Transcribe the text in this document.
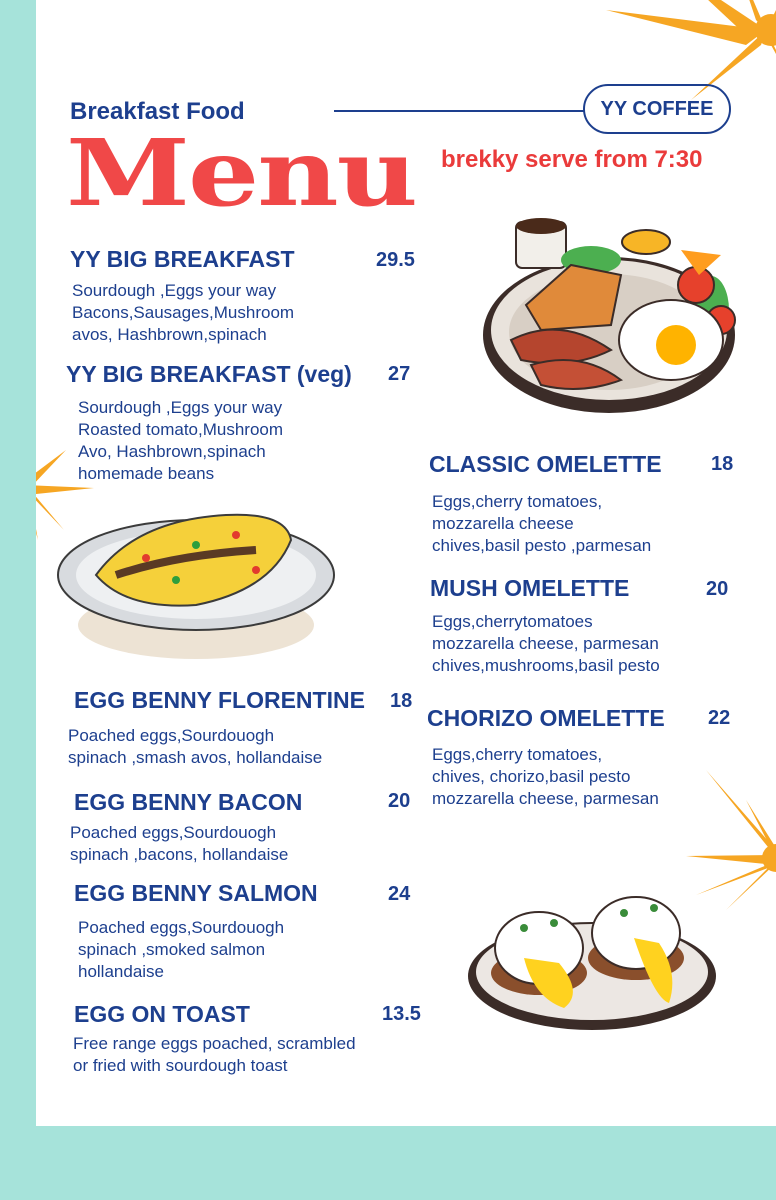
Breakfast Food
Menu
YY COFFEE
brekky serve from 7:30
YY BIG BREAKFAST	29.5
Sourdough ,Eggs your way
Bacons,Sausages,Mushroom
avos, Hashbrown,spinach
YY BIG BREAKFAST (veg) 27
Sourdough ,Eggs your way
Roasted tomato,Mushroom
Avo, Hashbrown,spinach
homemade beans
EGG BENNY FLORENTINE 18
Poached eggs,Sourdouogh
spinach ,smash avos, hollandaise
EGG BENNY BACON	20
Poached eggs,Sourdouogh
spinach ,bacons, hollandaise
EGG BENNY SALMON	24
Poached eggs,Sourdouogh
spinach ,smoked salmon
hollandaise
EGG ON TOAST	13.5
Free range eggs poached, scrambled
or fried with sourdough toast
CLASSIC OMELETTE 18
Eggs,cherry tomatoes,
mozzarella cheese
chives,basil pesto ,parmesan
MUSH OMELETTE	20
Eggs,cherrytomatoes
mozzarella cheese, parmesan
chives,mushrooms,basil pesto
CHORIZO OMELETTE 22
Eggs,cherry tomatoes,
chives, chorizo,basil pesto
mozzarella cheese, parmesan
